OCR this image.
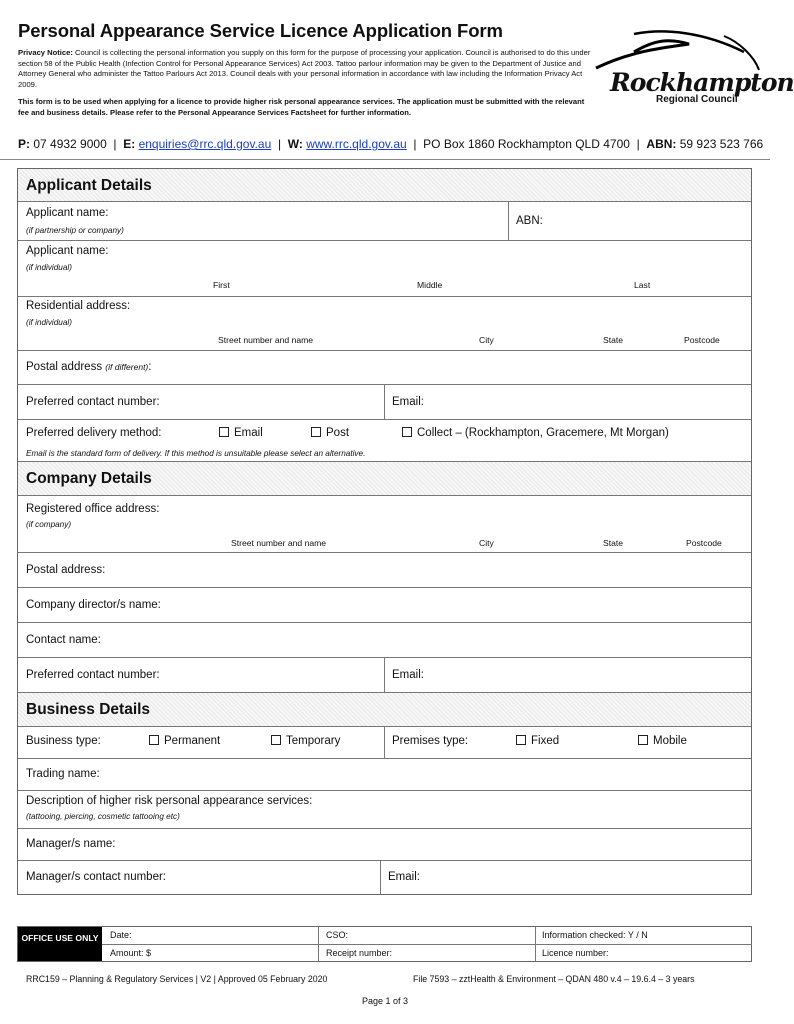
Personal Appearance Service Licence Application Form
Privacy Notice: Council is collecting the personal information you supply on this form for the purpose of processing your application. Council is authorised to do this under section 58 of the Public Health (Infection Control for Personal Appearance Services) Act 2003. Tattoo parlour information may be given to the Department of Justice and Attorney General who administer the Tattoo Parlours Act 2013. Council deals with your personal information in accordance with law including the Information Privacy Act 2009.
This form is to be used when applying for a licence to provide higher risk personal appearance services. The application must be submitted with the relevant fee and business details. Please refer to the Personal Appearance Services Factsheet for further information.
Rockhampton
Regional Council
P: 07 4932 9000 | E: enquiries@rrc.qld.gov.au | W: www.rrc.qld.gov.au | PO Box 1860 Rockhampton QLD 4700 | ABN: 59 923 523 766
Applicant Details
Applicant name:
(if partnership or company)
ABN:
Applicant name:
(if individual)
First	Middle	Last
Residential address:
(if individual)
Street number and name	City	State	Postcode
Postal address (if different):
Preferred contact number:	Email:
Preferred delivery method:	Email	Post	Collect – (Rockhampton, Gracemere, Mt Morgan)
Email is the standard form of delivery. If this method is unsuitable please select an alternative.
Company Details
Registered office address:
(if company)
Street number and name	City	State	Postcode
Postal address:
Company director/s name:
Contact name:
Preferred contact number:	Email:
Business Details
Business type:	Permanent	Temporary	Premises type:	Fixed	Mobile
Trading name:
Description of higher risk personal appearance services:
(tattooing, piercing, cosmetic tattooing etc)
Manager/s name:
Manager/s contact number:	Email:
OFFICE USE ONLY	Date:	CSO:	Information checked: Y / N
Amount: $	Receipt number:	Licence number:
RRC159 – Planning & Regulatory Services | V2 | Approved 05 February 2020	File 7593 – zztHealth & Environment – QDAN 480 v.4 – 19.6.4 – 3 years
Page 1 of 3
